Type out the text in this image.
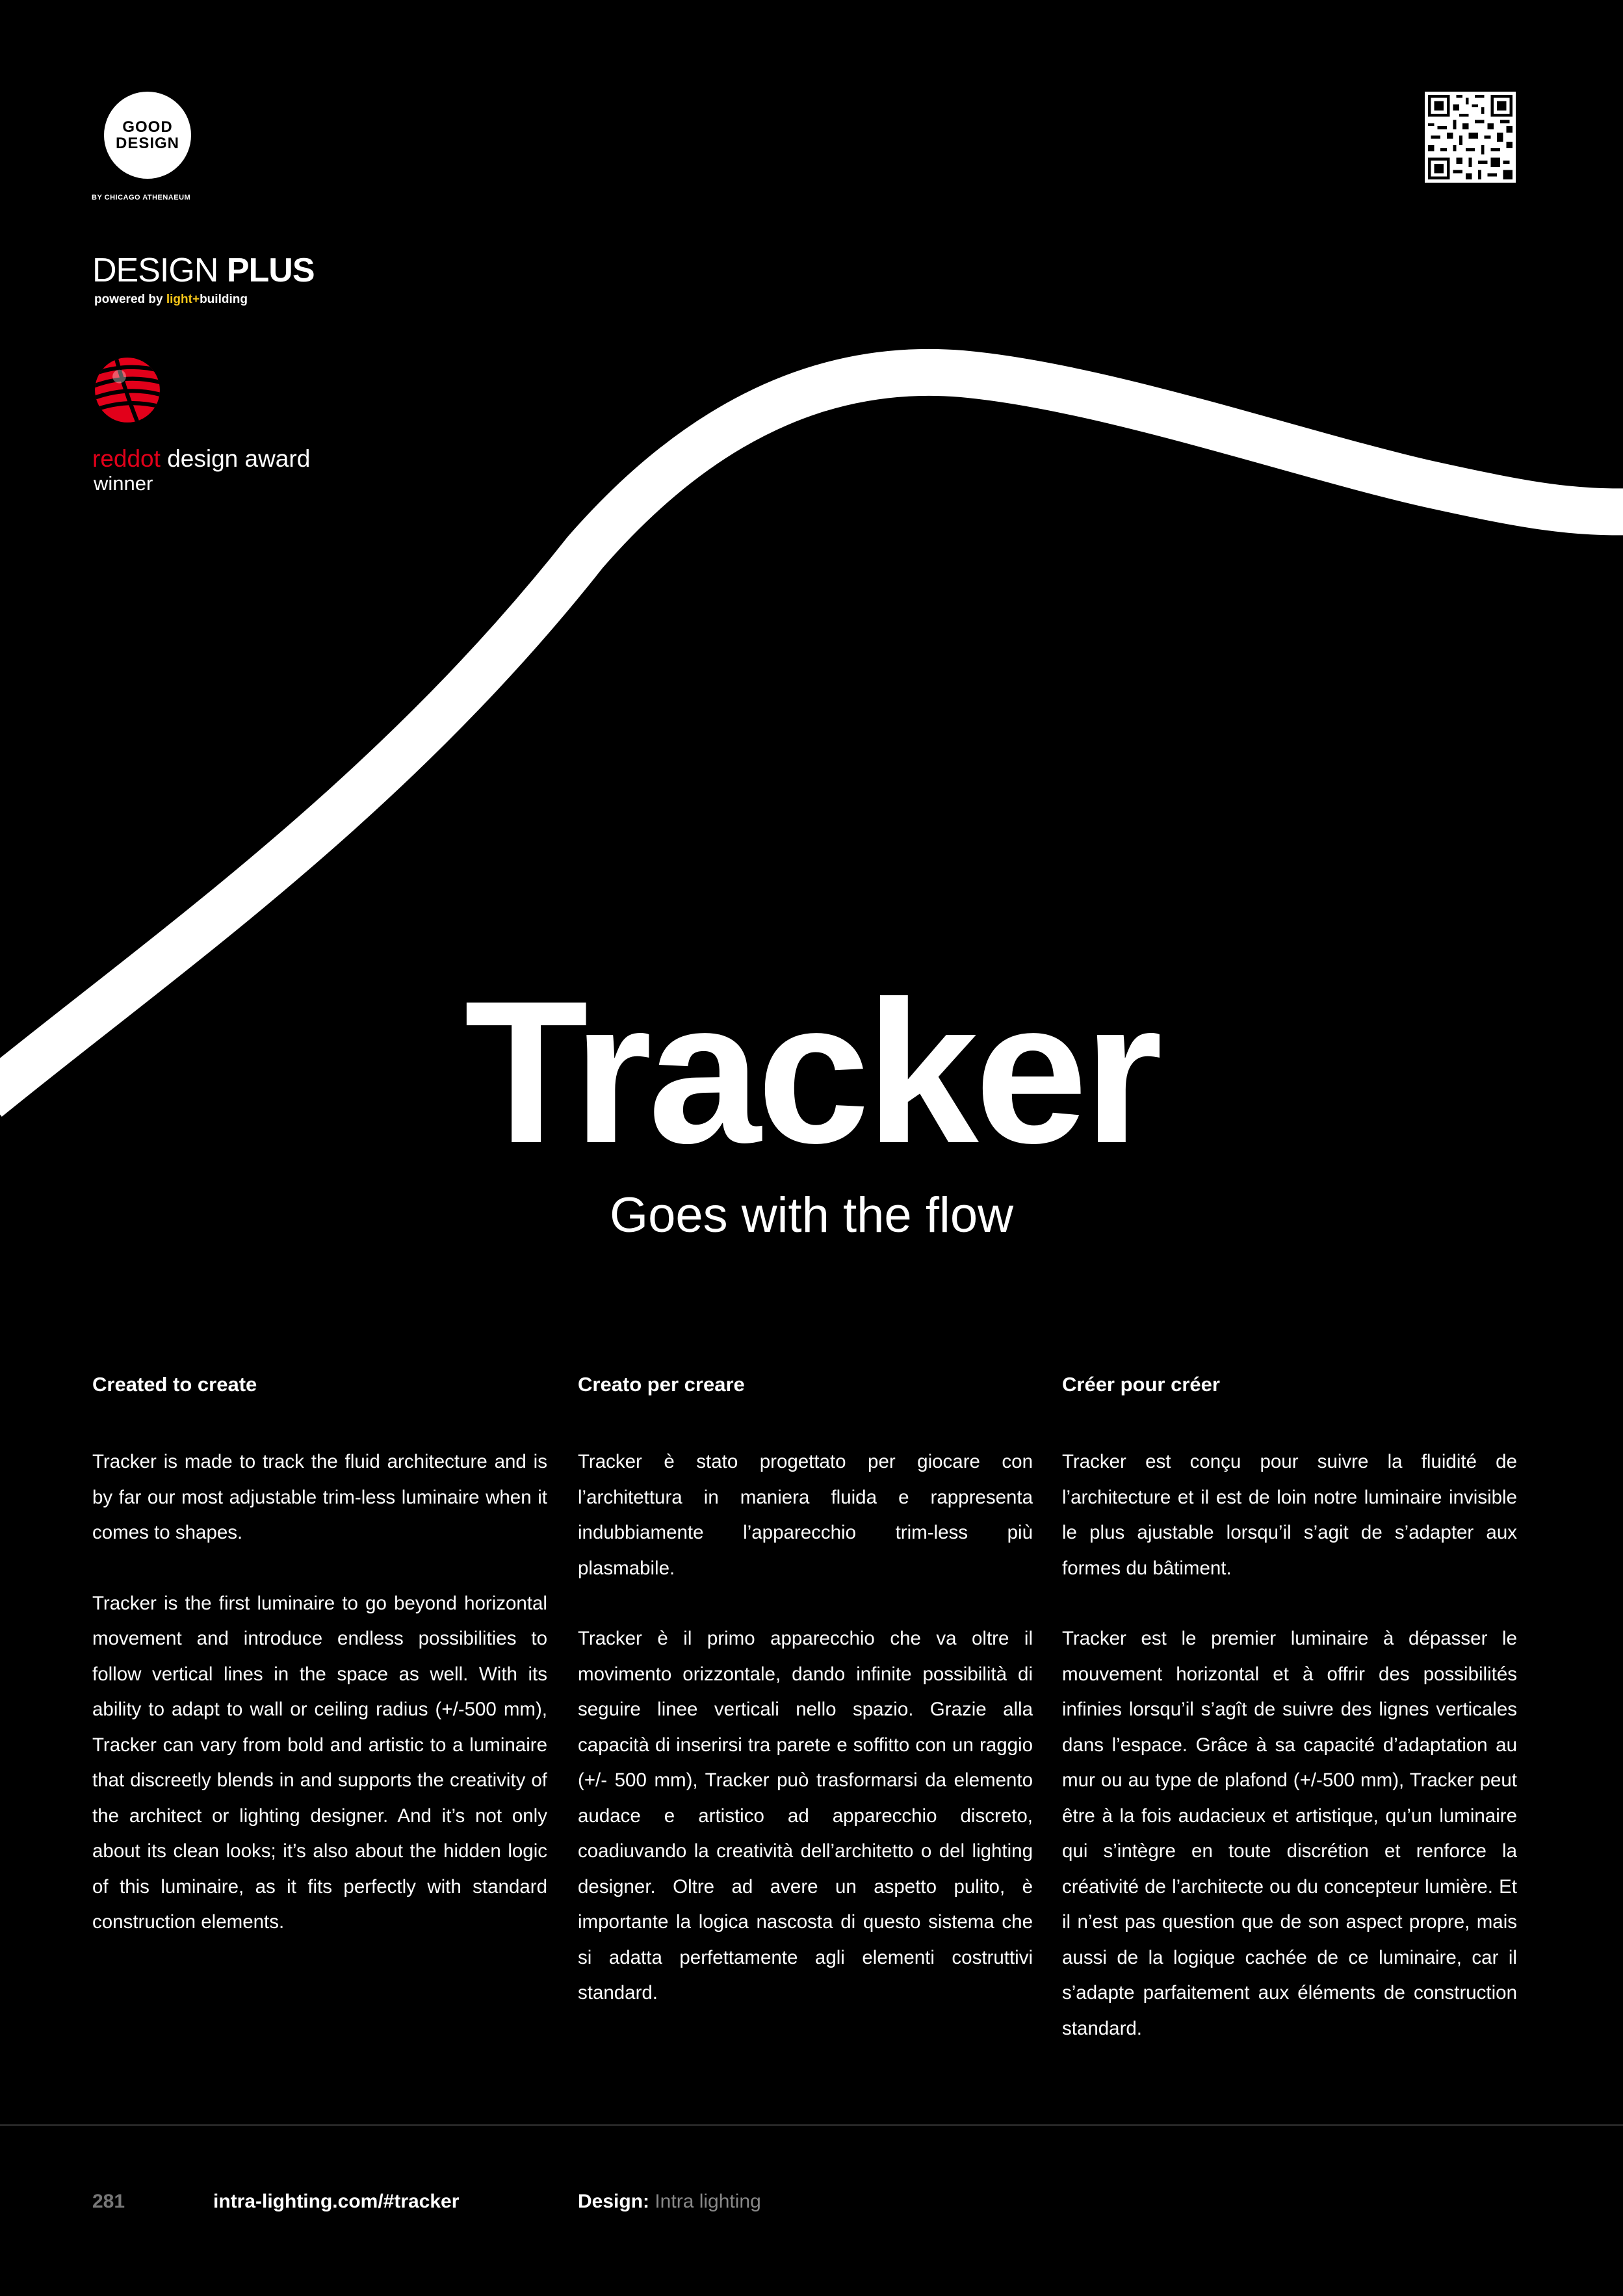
GOOD
DESIGN
BY CHICAGO ATHENAEUM
DESIGN PLUS
powered by light+building
reddot design award
winner
Tracker
Goes with the flow
Created to create

Tracker is made to track the fluid architecture and is by far our most adjustable trim-less luminaire when it comes to shapes.

Tracker is the first luminaire to go beyond horizontal movement and introduce endless possibilities to follow vertical lines in the space as well. With its ability to adapt to wall or ceiling radius (+/-500 mm), Tracker can vary from bold and artistic to a luminaire that discreetly blends in and supports the creativity of the architect or lighting designer. And it’s not only about its clean looks; it’s also about the hidden logic of this luminaire, as it fits perfectly with standard construction elements.

Creato per creare

Tracker è stato progettato per giocare con l’architettura in maniera fluida e rappresenta indubbiamente l’apparecchio trim-less più plasmabile.

Tracker è il primo apparecchio che va oltre il movimento orizzontale, dando infinite possibilità di seguire linee verticali nello spazio. Grazie alla capacità di inserirsi tra parete e soffitto con un raggio (+/- 500 mm), Tracker può trasformarsi da elemento audace e artistico ad apparecchio discreto, coadiuvando la creatività dell’architetto o del lighting designer. Oltre ad avere un aspetto pulito, è importante la logica nascosta di questo sistema che si adatta perfettamente agli elementi costruttivi standard.

Créer pour créer

Tracker est conçu pour suivre la fluidité de l’architecture et il est de loin notre luminaire invisible le plus ajustable lorsqu’il s’agit de s’adapter aux formes du bâtiment.

Tracker est le premier luminaire à dépasser le mouvement horizontal et à offrir des possibilités infinies lorsqu’il s’agît de suivre des lignes verticales dans l’espace. Grâce à sa capacité d’adaptation au mur ou au type de plafond (+/-500 mm), Tracker peut être à la fois audacieux et artistique, qu’un luminaire qui s’intègre en toute discrétion et renforce la créativité de l’architecte ou du concepteur lumière. Et il n’est pas question que de son aspect propre, mais aussi de la logique cachée de ce luminaire, car il s’adapte parfaitement aux éléments de construction standard.

281	intra-lighting.com/#tracker	Design: Intra lighting
